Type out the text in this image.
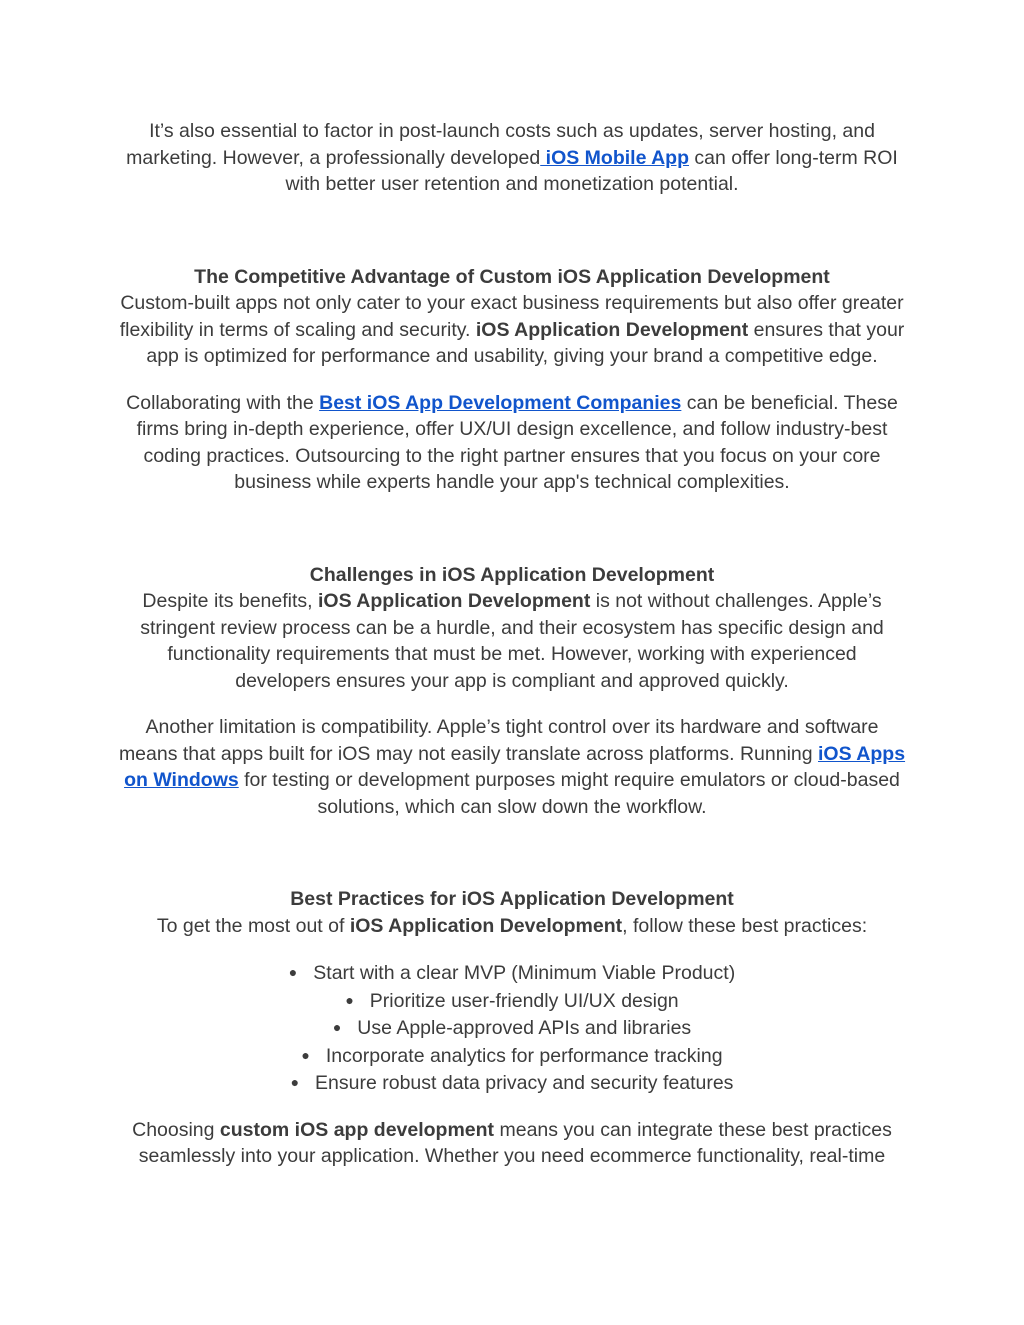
It’s also essential to factor in post-launch costs such as updates, server hosting, and marketing. However, a professionally developed iOS Mobile App can offer long-term ROI with better user retention and monetization potential.

The Competitive Advantage of Custom iOS Application Development

Custom-built apps not only cater to your exact business requirements but also offer greater flexibility in terms of scaling and security. iOS Application Development ensures that your app is optimized for performance and usability, giving your brand a competitive edge.

Collaborating with the Best iOS App Development Companies can be beneficial. These firms bring in-depth experience, offer UX/UI design excellence, and follow industry-best coding practices. Outsourcing to the right partner ensures that you focus on your core business while experts handle your app's technical complexities.

Challenges in iOS Application Development

Despite its benefits, iOS Application Development is not without challenges. Apple’s stringent review process can be a hurdle, and their ecosystem has specific design and functionality requirements that must be met. However, working with experienced developers ensures your app is compliant and approved quickly.

Another limitation is compatibility. Apple’s tight control over its hardware and software means that apps built for iOS may not easily translate across platforms. Running iOS Apps on Windows for testing or development purposes might require emulators or cloud-based solutions, which can slow down the workflow.

Best Practices for iOS Application Development

To get the most out of iOS Application Development, follow these best practices:

● Start with a clear MVP (Minimum Viable Product)
● Prioritize user-friendly UI/UX design
● Use Apple-approved APIs and libraries
● Incorporate analytics for performance tracking
● Ensure robust data privacy and security features

Choosing custom iOS app development means you can integrate these best practices seamlessly into your application. Whether you need ecommerce functionality, real-time
